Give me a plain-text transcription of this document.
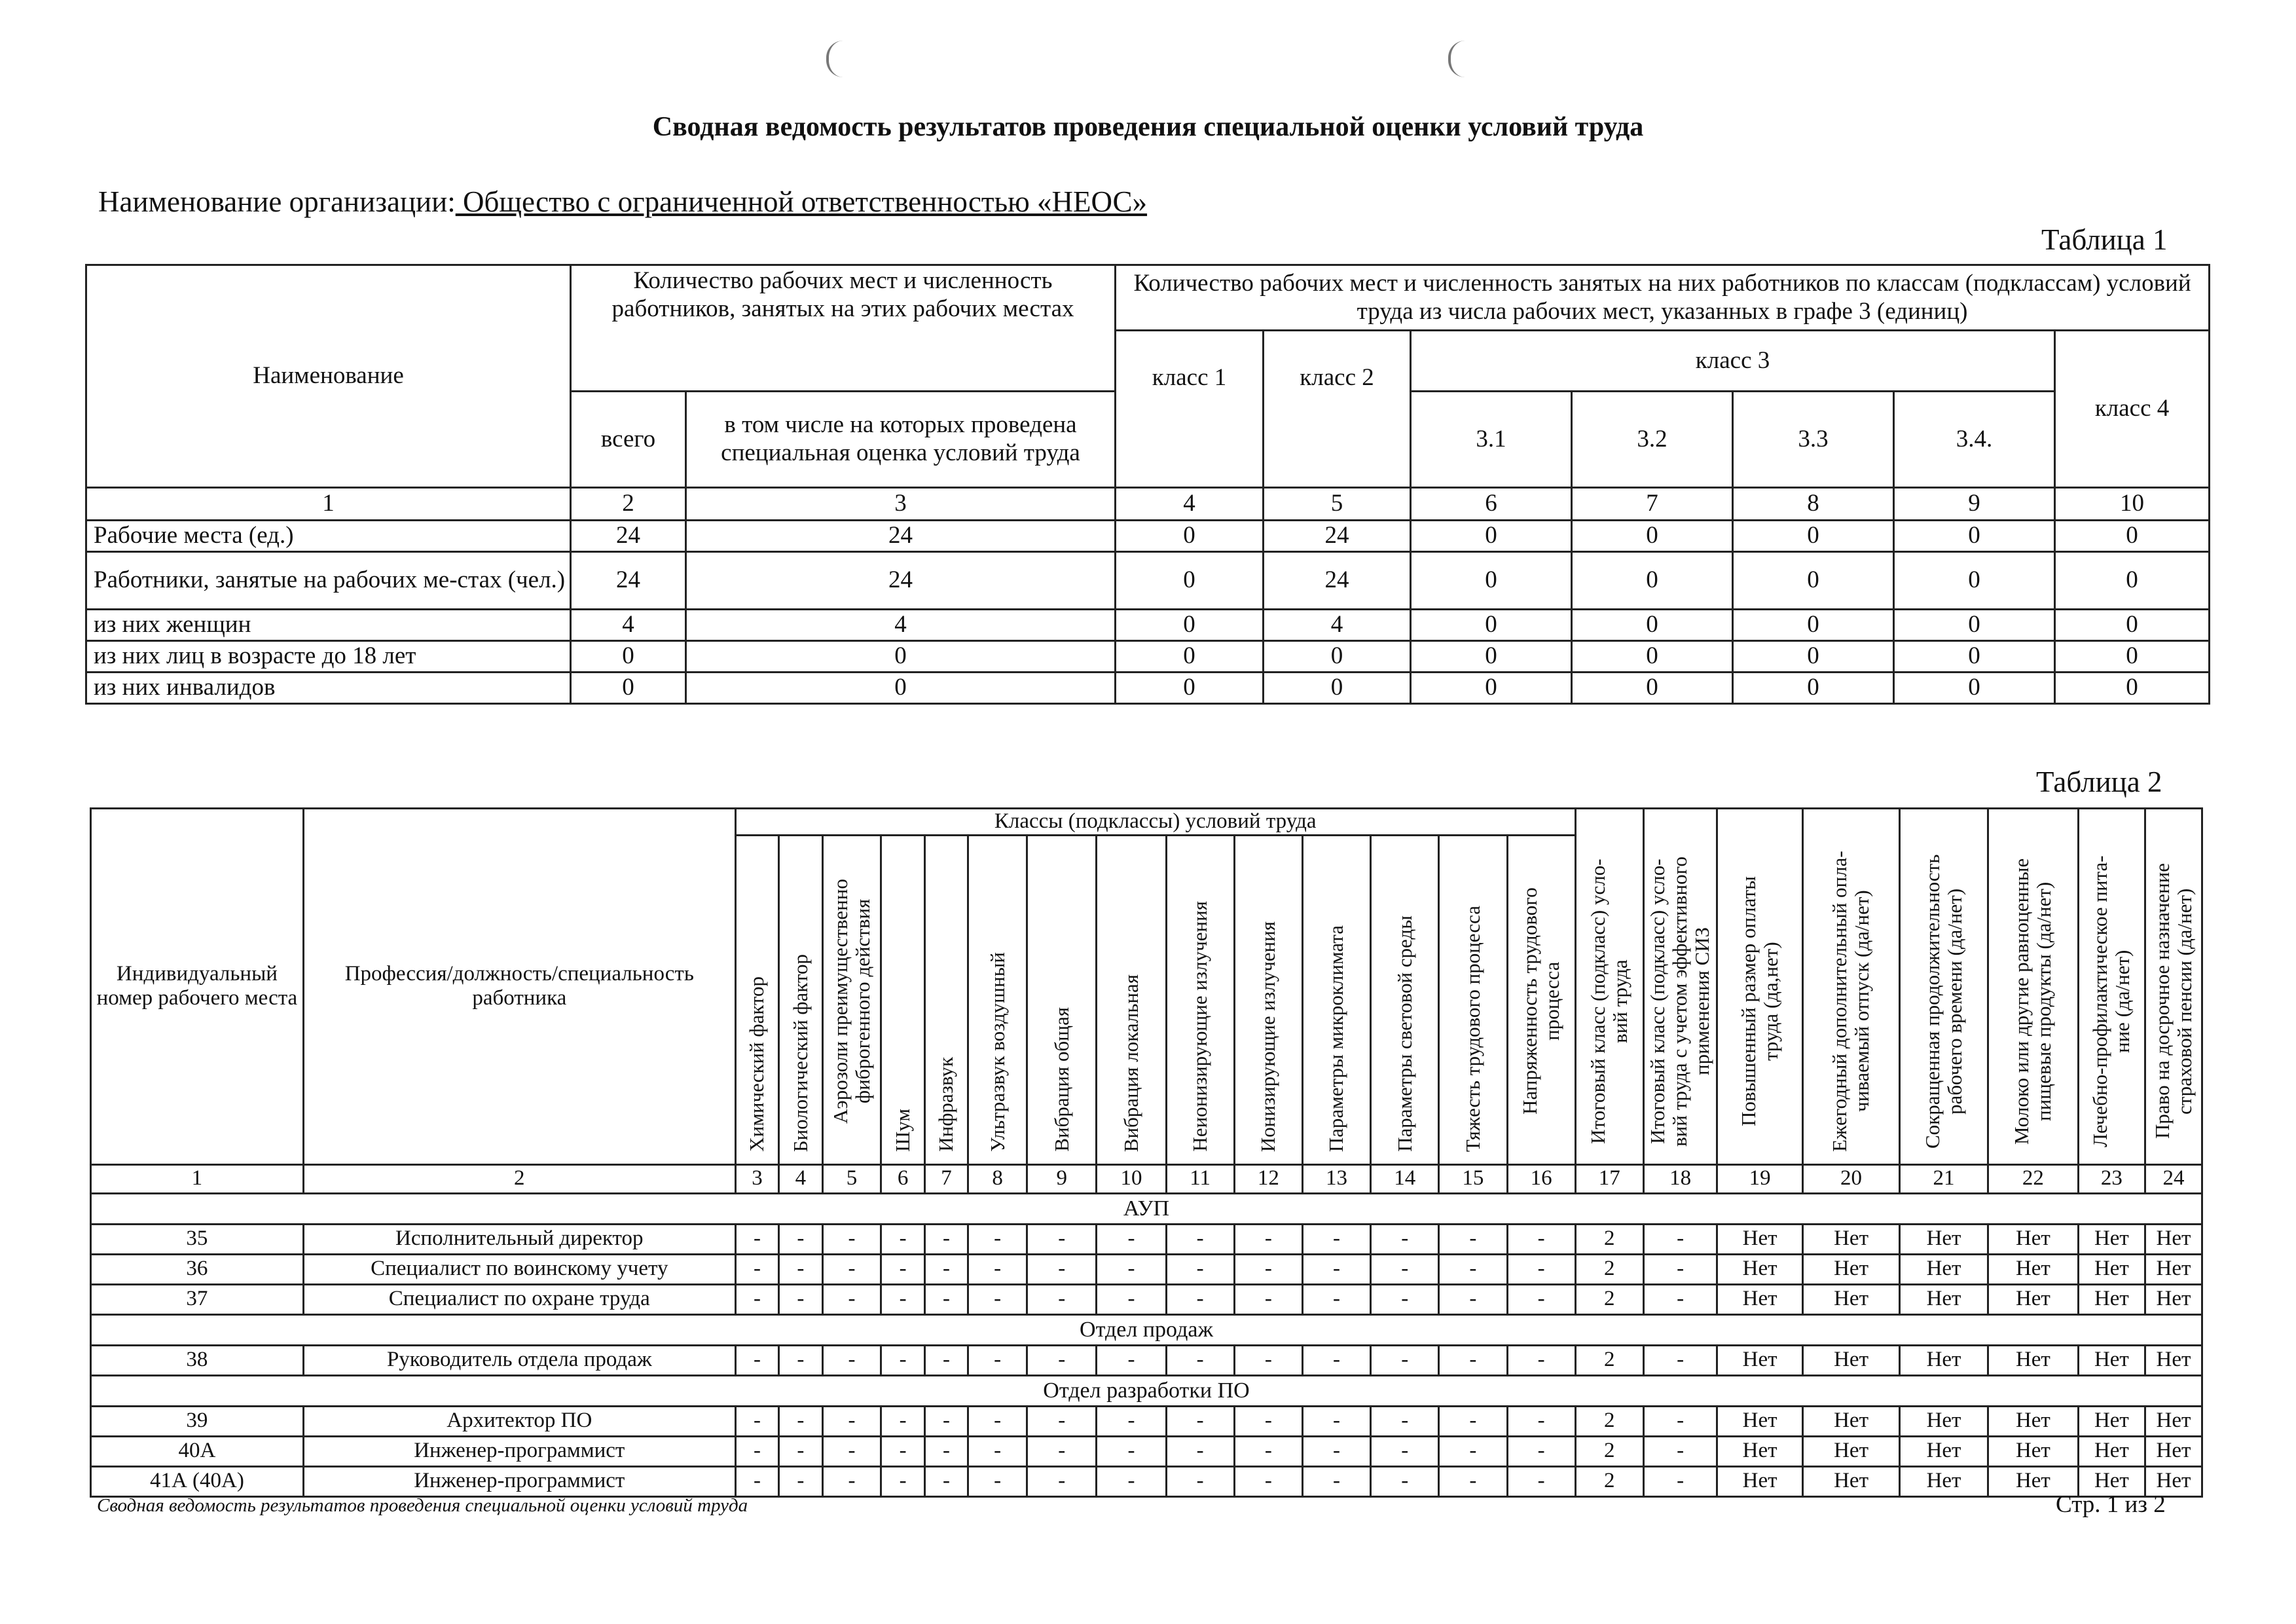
Сводная ведомость результатов проведения специальной оценки условий труда
Наименование организации: Общество с ограниченной ответственностью «НЕОС»
Таблица 1
Наименование	Количество рабочих мест и численность работников, занятых на этих рабочих местах		Количество рабочих мест и численность занятых на них работников по классам (подклассам) условий труда из числа рабочих мест, указанных в графе 3 (единиц)						
			класс 1	класс 2	класс 3				класс 4
	всего	в том числе на которых проведена специальная оценка условий труда			3.1	3.2	3.3	3.4.	
1	2	3	4	5	6	7	8	9	10
Рабочие места (ед.)	24	24	0	24	0	0	0	0	0
Работники, занятые на рабочих ме-стах (чел.)	24	24	0	24	0	0	0	0	0
из них женщин	4	4	0	4	0	0	0	0	0
из них лиц в возрасте до 18 лет	0	0	0	0	0	0	0	0	0
из них инвалидов	0	0	0	0	0	0	0	0	0
Таблица 2
Индивидуальный номер рабочего места	Профессия/должность/специальность работника	Классы (подклассы) условий труда														Итоговый класс (подкласс) усло-вий труда	Итоговый класс (подкласс) усло-вий труда с учетом эффективного применения СИЗ	Повышенный размер оплаты труда (да,нет)	Ежегодный дополнительный опла-чиваемый отпуск (да/нет)	Сокращенная продолжительность рабочего времени (да/нет)	Молоко или другие равноценные пищевые продукты (да/нет)	Лечебно-профилактическое пита-ние (да/нет)	Право на досрочное назначение страховой пенсии (да/нет)
		Химический фактор	Биологический фактор	Аэрозоли преимущественно фиброгенного действия	Шум	Инфразвук	Ультразвук воздушный	Вибрация общая	Вибрация локальная	Неионизирующие излучения	Ионизирующие излучения	Параметры микроклимата	Параметры световой среды	Тяжесть трудового процесса	Напряженность трудового процесса								
1	2	3	4	5	6	7	8	9	10	11	12	13	14	15	16	17	18	19	20	21	22	23	24
АУП																							
35	Исполнительный директор	-	-	-	-	-	-	-	-	-	-	-	-	-	-	2	-	Нет	Нет	Нет	Нет	Нет	Нет
36	Специалист по воинскому учету	-	-	-	-	-	-	-	-	-	-	-	-	-	-	2	-	Нет	Нет	Нет	Нет	Нет	Нет
37	Специалист по охране труда	-	-	-	-	-	-	-	-	-	-	-	-	-	-	2	-	Нет	Нет	Нет	Нет	Нет	Нет
Отдел продаж																							
38	Руководитель отдела продаж	-	-	-	-	-	-	-	-	-	-	-	-	-	-	2	-	Нет	Нет	Нет	Нет	Нет	Нет
Отдел разработки ПО																							
39	Архитектор ПО	-	-	-	-	-	-	-	-	-	-	-	-	-	-	2	-	Нет	Нет	Нет	Нет	Нет	Нет
40А	Инженер-программист	-	-	-	-	-	-	-	-	-	-	-	-	-	-	2	-	Нет	Нет	Нет	Нет	Нет	Нет
41А (40А)	Инженер-программист	-	-	-	-	-	-	-	-	-	-	-	-	-	-	2	-	Нет	Нет	Нет	Нет	Нет	Нет
Сводная ведомость результатов проведения специальной оценки условий труда	Стр. 1 из 2
